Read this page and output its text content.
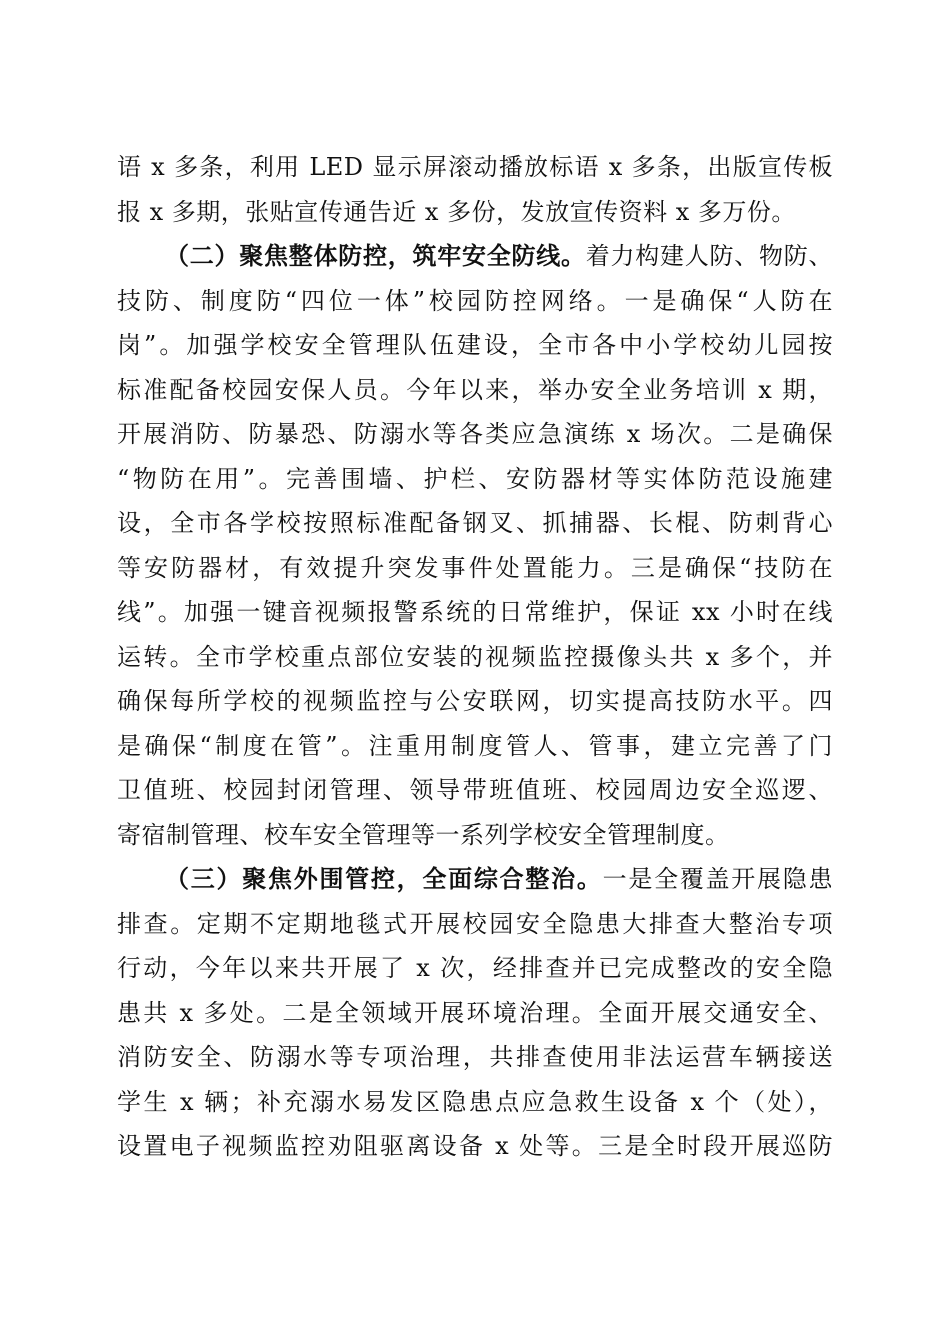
语 x 多条，利用 LED 显示屏滚动播放标语 x 多条，出版宣传板
报 x 多期，张贴宣传通告近 x 多份，发放宣传资料 x 多万份。
（二）聚焦整体防控，筑牢安全防线。着力构建人防、物防、
技防、制度防“四位一体”校园防控网络。一是确保“人防在
岗”。加强学校安全管理队伍建设，全市各中小学校幼儿园按
标准配备校园安保人员。今年以来，举办安全业务培训 x 期，
开展消防、防暴恐、防溺水等各类应急演练 x 场次。二是确保
“物防在用”。完善围墙、护栏、安防器材等实体防范设施建
设，全市各学校按照标准配备钢叉、抓捕器、长棍、防刺背心
等安防器材，有效提升突发事件处置能力。三是确保“技防在
线”。加强一键音视频报警系统的日常维护，保证 xx 小时在线
运转。全市学校重点部位安装的视频监控摄像头共 x 多个，并
确保每所学校的视频监控与公安联网，切实提高技防水平。四
是确保“制度在管”。注重用制度管人、管事，建立完善了门
卫值班、校园封闭管理、领导带班值班、校园周边安全巡逻、
寄宿制管理、校车安全管理等一系列学校安全管理制度。
（三）聚焦外围管控，全面综合整治。一是全覆盖开展隐患
排查。定期不定期地毯式开展校园安全隐患大排查大整治专项
行动，今年以来共开展了 x 次，经排查并已完成整改的安全隐
患共 x 多处。二是全领域开展环境治理。全面开展交通安全、
消防安全、防溺水等专项治理，共排查使用非法运营车辆接送
学生 x 辆；补充溺水易发区隐患点应急救生设备 x 个（处），
设置电子视频监控劝阻驱离设备 x 处等。三是全时段开展巡防
